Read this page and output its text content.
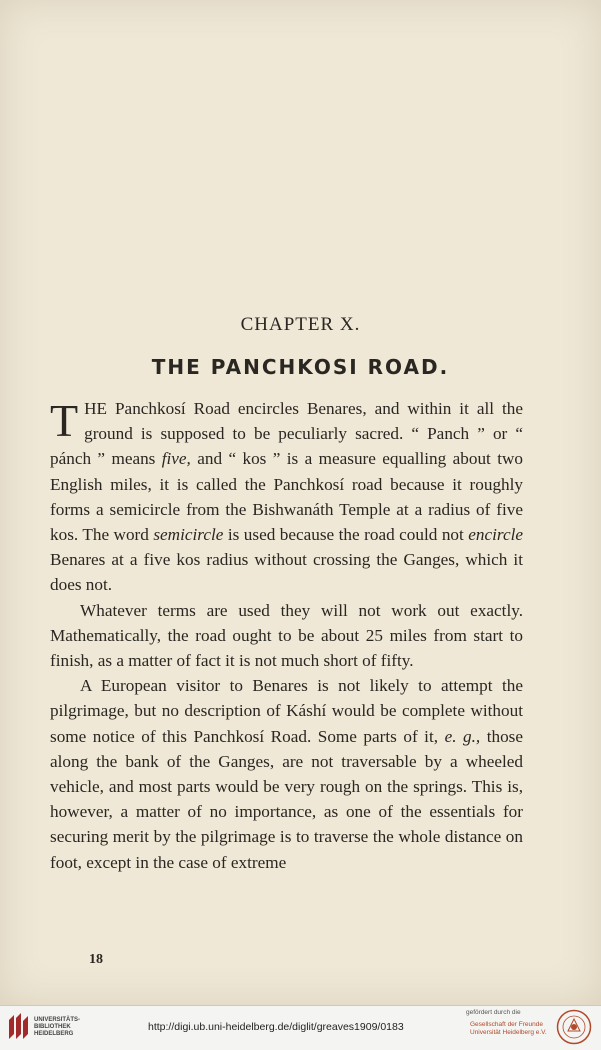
CHAPTER X.
THE PANCHKOSI ROAD.

THE Panchkosí Road encircles Benares, and within it all the ground is supposed to be peculiarly sacred. “ Panch ” or “ pánch ” means five, and “ kos ” is a measure equalling about two English miles, it is called the Panchkosí road because it roughly forms a semicircle from the Bishwanáth Temple at a radius of five kos. The word semicircle is used because the road could not encircle Benares at a five kos radius without crossing the Ganges, which it does not.

Whatever terms are used they will not work out exactly. Mathematically, the road ought to be about 25 miles from start to finish, as a matter of fact it is not much short of fifty.

A European visitor to Benares is not likely to attempt the pilgrimage, but no description of Káshí would be complete without some notice of this Panchkosí Road. Some parts of it, e. g., those along the bank of the Ganges, are not traversable by a wheeled vehicle, and most parts would be very rough on the springs. This is, however, a matter of no importance, as one of the essentials for securing merit by the pilgrimage is to traverse the whole distance on foot, except in the case of extreme

18
UNIVERSITÄTS-
BIBLIOTHEK
HEIDELBERG
http://digi.ub.uni-heidelberg.de/diglit/greaves1909/0183
gefördert durch die
Gesellschaft der Freunde
Universität Heidelberg e.V.
